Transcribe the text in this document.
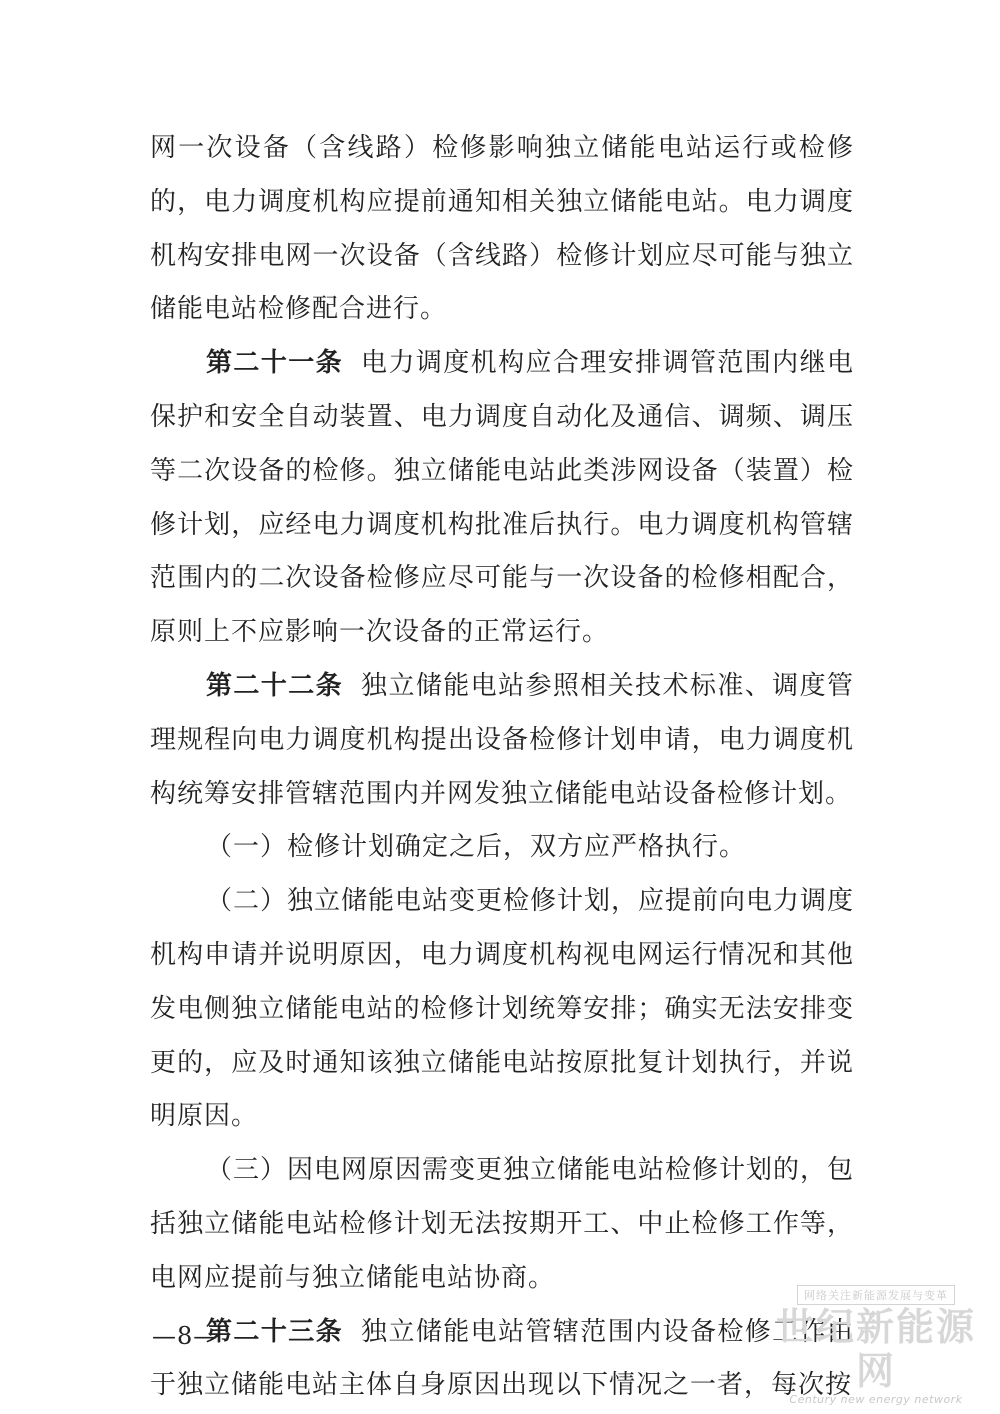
网一次设备（含线路）检修影响独立储能电站运行或检修的，电力调度机构应提前通知相关独立储能电站。电力调度机构安排电网一次设备（含线路）检修计划应尽可能与独立储能电站检修配合进行。

第二十一条 电力调度机构应合理安排调管范围内继电保护和安全自动装置、电力调度自动化及通信、调频、调压等二次设备的检修。独立储能电站此类涉网设备（装置）检修计划，应经电力调度机构批准后执行。电力调度机构管辖范围内的二次设备检修应尽可能与一次设备的检修相配合，原则上不应影响一次设备的正常运行。

第二十二条 独立储能电站参照相关技术标准、调度管理规程向电力调度机构提出设备检修计划申请，电力调度机构统筹安排管辖范围内并网发独立储能电站设备检修计划。

（一）检修计划确定之后，双方应严格执行。

（二）独立储能电站变更检修计划，应提前向电力调度机构申请并说明原因，电力调度机构视电网运行情况和其他发电侧独立储能电站的检修计划统筹安排；确实无法安排变更的，应及时通知该独立储能电站按原批复计划执行，并说明原因。

（三）因电网原因需变更独立储能电站检修计划的，包括独立储能电站检修计划无法按期开工、中止检修工作等，电网应提前与独立储能电站协商。

第二十三条 独立储能电站管辖范围内设备检修工作由于独立储能电站主体自身原因出现以下情况之一者，每次按

—8—
网络关注新能源发展与变革
世纪新能源网
Century new energy network
